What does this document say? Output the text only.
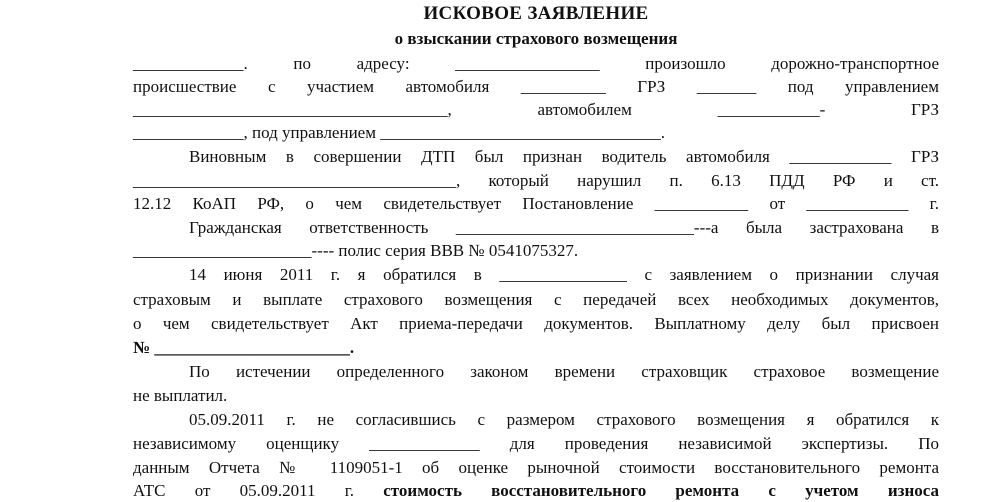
ИСКОВОЕ ЗАЯВЛЕНИЕ
о взыскании страхового возмещения
_____________. по адресу: _________________ произошло дорожно-транспортное
происшествие с участием автомобиля __________ ГРЗ _______ под управлением
_____________________________________, автомобилем ____________- ГРЗ
_____________, под управлением _________________________________.
Виновным в совершении ДТП был признан водитель автомобиля ____________ ГРЗ
______________________________________, который нарушил п. 6.13 ПДД РФ и ст.
12.12 КоАП РФ, о чем свидетельствует Постановление ___________ от ____________ г.
Гражданская ответственность ____________________________---а была застрахована в
_____________________---- полис серия ВВВ № 0541075327.
14 июня 2011 г. я обратился в _______________ с заявлением о признании случая
страховым и выплате страхового возмещения с передачей всех необходимых документов,
о чем свидетельствует Акт приема-передачи документов. Выплатному делу был присвоен
№ _______________________.
По истечении определенного законом времени страховщик страховое возмещение
не выплатил.
05.09.2011 г. не согласившись с размером страхового возмещения я обратился к
независимому оценщику _____________ для проведения независимой экспертизы. По
данным Отчета № 1109051-1 об оценке рыночной стоимости восстановительного ремонта
АТС от 05.09.2011 г. стоимость восстановительного ремонта с учетом износа
